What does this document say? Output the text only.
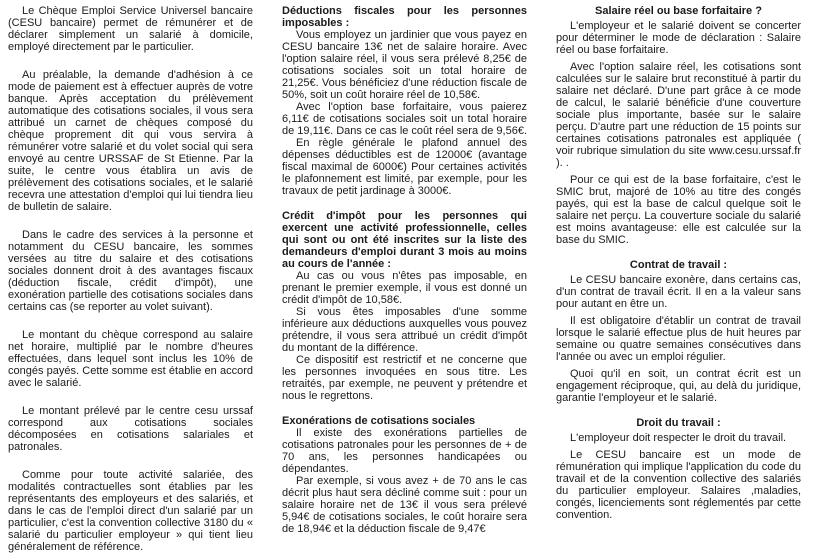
Le Chèque Emploi Service Universel bancaire (CESU bancaire) permet de rémunérer et de déclarer simplement un salarié à domicile, employé directement par le particulier.

Au préalable, la demande d'adhésion à ce mode de paiement est à effectuer auprès de votre banque. Après acceptation du prélèvement automatique des cotisations sociales, il vous sera attribué un carnet de chèques composé du chèque proprement dit qui vous servira à rémunérer votre salarié et du volet social qui sera envoyé au centre URSSAF de St Etienne. Par la suite, le centre vous établira un avis de prélèvement des cotisations sociales, et le salarié recevra une attestation d'emploi qui lui tiendra lieu de bulletin de salaire.

Dans le cadre des services à la personne et notamment du CESU bancaire, les sommes versées au titre du salaire et des cotisations sociales donnent droit à des avantages fiscaux (déduction fiscale, crédit d'impôt), une exonération partielle des cotisations sociales dans certains cas (se reporter au volet suivant).

Le montant du chèque correspond au salaire net horaire, multiplié par le nombre d'heures effectuées, dans lequel sont inclus les 10% de congés payés. Cette somme est établie en accord avec le salarié.

Le montant prélevé par le centre cesu urssaf correspond aux cotisations sociales décomposées en cotisations salariales et patronales.

Comme pour toute activité salariée, des modalités contractuelles sont établies par les représentants des employeurs et des salariés, et dans le cas de l'emploi direct d'un salarié par un particulier, c'est la convention collective 3180 du « salarié du particulier employeur » qui tient lieu généralement de référence.

Déductions fiscales pour les personnes imposables :

Vous employez un jardinier que vous payez en CESU bancaire 13€ net de salaire horaire. Avec l'option salaire réel, il vous sera prélevé 8,25€ de cotisations sociales soit un total horaire de 21,25€. Vous bénéficiez d'une réduction fiscale de 50%, soit un coût horaire réel de 10,58€.

Avec l'option base forfaitaire, vous paierez 6,11€ de cotisations sociales soit un total horaire de 19,11€. Dans ce cas le coût réel sera de 9,56€.

En règle générale le plafond annuel des dépenses déductibles est de 12000€ (avantage fiscal maximal de 6000€) Pour certaines activités le plafonnement est limité, par exemple, pour les travaux de petit jardinage à 3000€.

Crédit d'impôt pour les personnes qui exercent une activité professionnelle, celles qui sont ou ont été inscrites sur la liste des demandeurs d'emploi durant 3 mois au moins au cours de l'année :

Au cas ou vous n'êtes pas imposable, en prenant le premier exemple, il vous est donné un crédit d'impôt de 10,58€.

Si vous êtes imposables d'une somme inférieure aux déductions auxquelles vous pouvez prétendre, il vous sera attribué un crédit d'impôt du montant de la différence.

Ce dispositif est restrictif et ne concerne que les personnes invoquées en sous titre. Les retraités, par exemple, ne peuvent y prétendre et nous le regrettons.

Exonérations de cotisations sociales

Il existe des exonérations partielles de cotisations patronales pour les personnes de + de 70 ans, les personnes handicapées ou dépendantes.

Par exemple, si vous avez + de 70 ans le cas décrit plus haut sera décliné comme suit : pour un salaire horaire net de 13€ il vous sera prélevé 5,94€ de cotisations sociales, le coût horaire sera de 18,94€ et la déduction fiscale de 9,47€

Salaire réel ou base forfaitaire ?

L'employeur et le salarié doivent se concerter pour déterminer le mode de déclaration : Salaire réel ou base forfaitaire.

Avec l'option salaire réel, les cotisations sont calculées sur le salaire brut reconstitué à partir du salaire net déclaré. D'une part grâce à ce mode de calcul, le salarié bénéficie d'une couverture sociale plus importante, basée sur le salaire perçu. D'autre part une réduction de 15 points sur certaines cotisations patronales est appliquée ( voir rubrique simulation du site www.cesu.urssaf.fr ). .

Pour ce qui est de la base forfaitaire, c'est le SMIC brut, majoré de 10% au titre des congés payés, qui est la base de calcul quelque soit le salaire net perçu. La couverture sociale du salarié est moins avantageuse: elle est calculée sur la base du SMIC.

Contrat de travail :

Le CESU bancaire exonère, dans certains cas, d'un contrat de travail écrit. Il en a la valeur sans pour autant en être un.

Il est obligatoire d'établir un contrat de travail lorsque le salarié effectue plus de huit heures par semaine ou quatre semaines consécutives dans l'année ou avec un emploi régulier.

Quoi qu'il en soit, un contrat écrit est un engagement réciproque, qui, au delà du juridique, garantie l'employeur et le salarié.

Droit du travail :

L'employeur doit respecter le droit du travail.

Le CESU bancaire est un mode de rémunération qui implique l'application du code du travail et de la convention collective des salariés du particulier employeur. Salaires ,maladies, congés, licenciements sont réglementés par cette convention.
